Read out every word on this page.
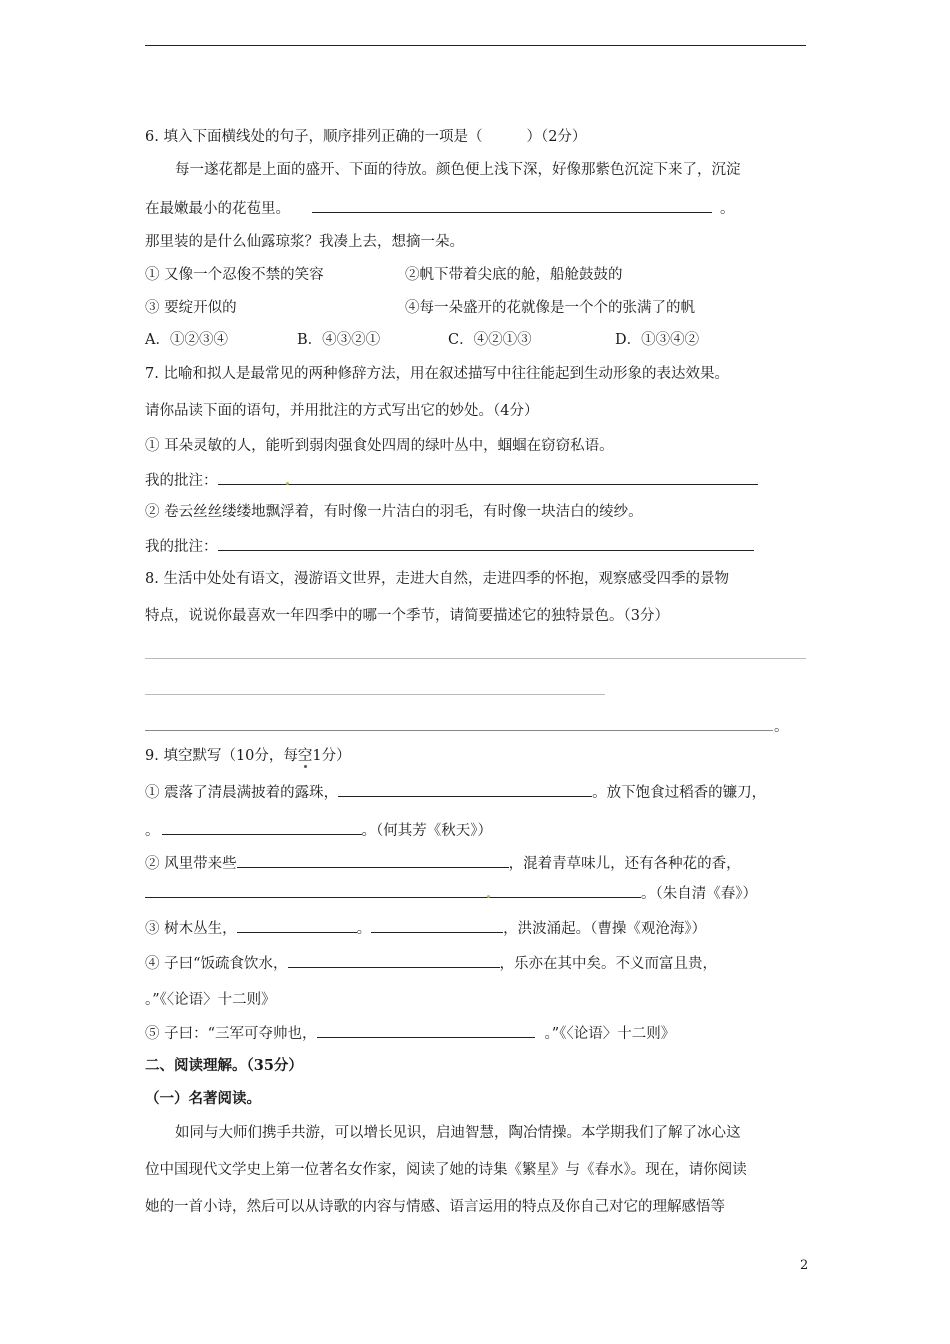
6. 填入下面横线处的句子，顺序排列正确的一项是（	）（2分）
每一遂花都是上面的盛开、下面的待放。颜色便上浅下深，好像那紫色沉淀下来了，沉淀
在最嫩最小的花苞里。	。
那里装的是什么仙露琼浆？我凑上去，想摘一朵。
① 又像一个忍俊不禁的笑容	②帆下带着尖底的舱，船舱鼓鼓的
③ 要绽开似的	④每一朵盛开的花就像是一个个的张满了的帆
A．①②③④	B．④③②①	C．④②①③	D．①③④②
7. 比喻和拟人是最常见的两种修辞方法，用在叙述描写中往往能起到生动形象的表达效果。
请你品读下面的语句，并用批注的方式写出它的妙处。（4分）
① 耳朵灵敏的人，能听到弱肉强食处四周的绿叶丛中，蝈蝈在窃窃私语。
我的批注：
② 卷云丝丝缕缕地飘浮着，有时像一片洁白的羽毛，有时像一块洁白的绫纱。
我的批注：
8. 生活中处处有语文，漫游语文世界，走进大自然，走进四季的怀抱，观察感受四季的景物
特点，说说你最喜欢一年四季中的哪一个季节，请简要描述它的独特景色。（3分）
。
9. 填空默写（10分，每空1分）
① 震落了清晨满披着的露珠，	。放下饱食过稻香的镰刀，
。	。（何其芳《秋天》）
② 风里带来些	，混着青草味儿，还有各种花的香，
。（朱自清《春》）
③ 树木丛生，	。	，洪波涌起。（曹操《观沧海》）
④ 子曰“饭疏食饮水，	，乐亦在其中矣。不义而富且贵，
。”《〈论语〉十二则》
⑤ 子曰：“三军可夺帅也，	。”《〈论语〉十二则》
二、阅读理解。（35分）
（一）名著阅读。
如同与大师们携手共游，可以增长见识，启迪智慧，陶冶情操。本学期我们了解了冰心这
位中国现代文学史上第一位著名女作家，阅读了她的诗集《繁星》与《春水》。现在，请你阅读
她的一首小诗，然后可以从诗歌的内容与情感、语言运用的特点及你自己对它的理解感悟等
2
